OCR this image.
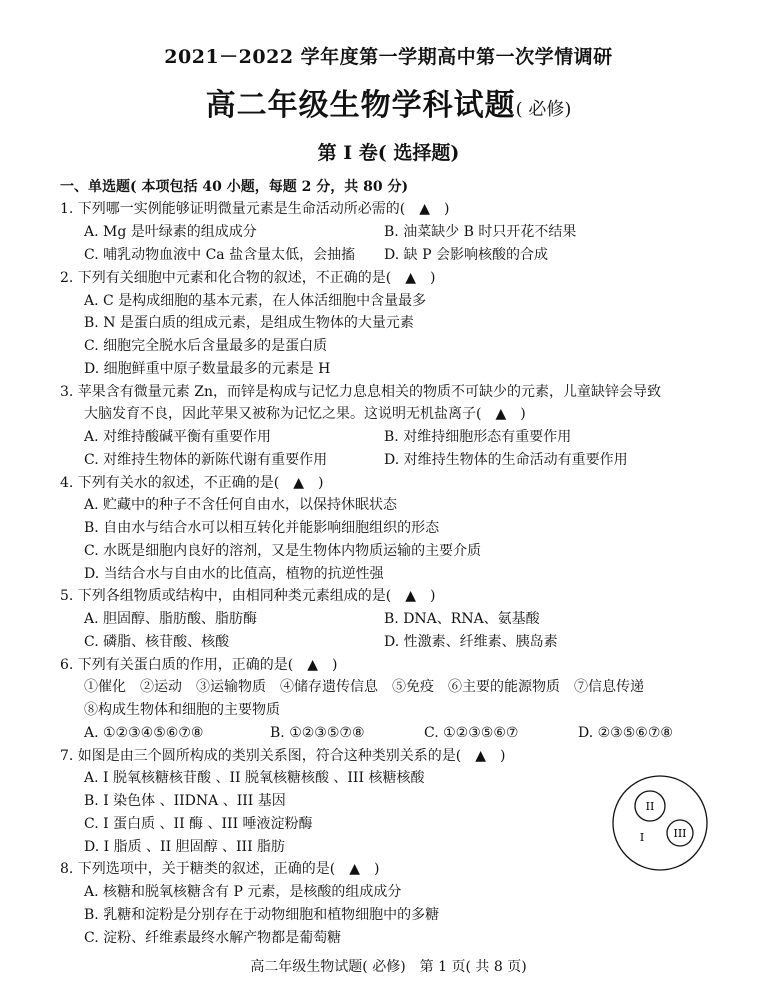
2021－2022 学年度第一学期高中第一次学情调研
高二年级生物学科试题( 必修)
第 I 卷( 选择题)
一、单选题( 本项包括 40 小题，每题 2 分，共 80 分)
1. 下列哪一实例能够证明微量元素是生命活动所必需的(　▲　)
A. Mg 是叶绿素的组成成分	B. 油菜缺少 B 时只开花不结果
C. 哺乳动物血液中 Ca 盐含量太低，会抽搐 D. 缺 P 会影响核酸的合成
2. 下列有关细胞中元素和化合物的叙述，不正确的是(　▲　)
A. C 是构成细胞的基本元素，在人体活细胞中含量最多
B. N 是蛋白质的组成元素，是组成生物体的大量元素
C. 细胞完全脱水后含量最多的是蛋白质
D. 细胞鲜重中原子数量最多的元素是 H
3. 苹果含有微量元素 Zn，而锌是构成与记忆力息息相关的物质不可缺少的元素，儿童缺锌会导致
大脑发育不良，因此苹果又被称为记忆之果。这说明无机盐离子(　▲　)
A. 对维持酸碱平衡有重要作用	B. 对维持细胞形态有重要作用
C. 对维持生物体的新陈代谢有重要作用	D. 对维持生物体的生命活动有重要作用
4. 下列有关水的叙述，不正确的是(　▲　)
A. 贮藏中的种子不含任何自由水，以保持休眠状态
B. 自由水与结合水可以相互转化并能影响细胞组织的形态
C. 水既是细胞内良好的溶剂，又是生物体内物质运输的主要介质
D. 当结合水与自由水的比值高，植物的抗逆性强
5. 下列各组物质或结构中，由相同种类元素组成的是(　▲　)
A. 胆固醇、脂肪酸、脂肪酶	B. DNA、RNA、氨基酸
C. 磷脂、核苷酸、核酸	D. 性激素、纤维素、胰岛素
6. 下列有关蛋白质的作用，正确的是(　▲　)
①催化　②运动　③运输物质　④储存遗传信息　⑤免疫　⑥主要的能源物质　⑦信息传递
⑧构成生物体和细胞的主要物质
A. ①②③④⑤⑥⑦⑧	B. ①②③⑤⑦⑧	C. ①②③⑤⑥⑦	D. ②③⑤⑥⑦⑧
7. 如图是由三个圆所构成的类别关系图，符合这种类别关系的是(　▲　)
A. I 脱氧核糖核苷酸 、II 脱氧核糖核酸 、III 核糖核酸
B. I 染色体 、IIDNA 、III 基因
C. I 蛋白质 、II 酶 、III 唾液淀粉酶
D. I 脂质 、II 胆固醇 、III 脂肪
II
III
I
8. 下列选项中，关于糖类的叙述，正确的是(　▲　)
A. 核糖和脱氧核糖含有 P 元素，是核酸的组成成分
B. 乳糖和淀粉是分别存在于动物细胞和植物细胞中的多糖
C. 淀粉、纤维素最终水解产物都是葡萄糖
高二年级生物试题( 必修)　第 1 页( 共 8 页)
